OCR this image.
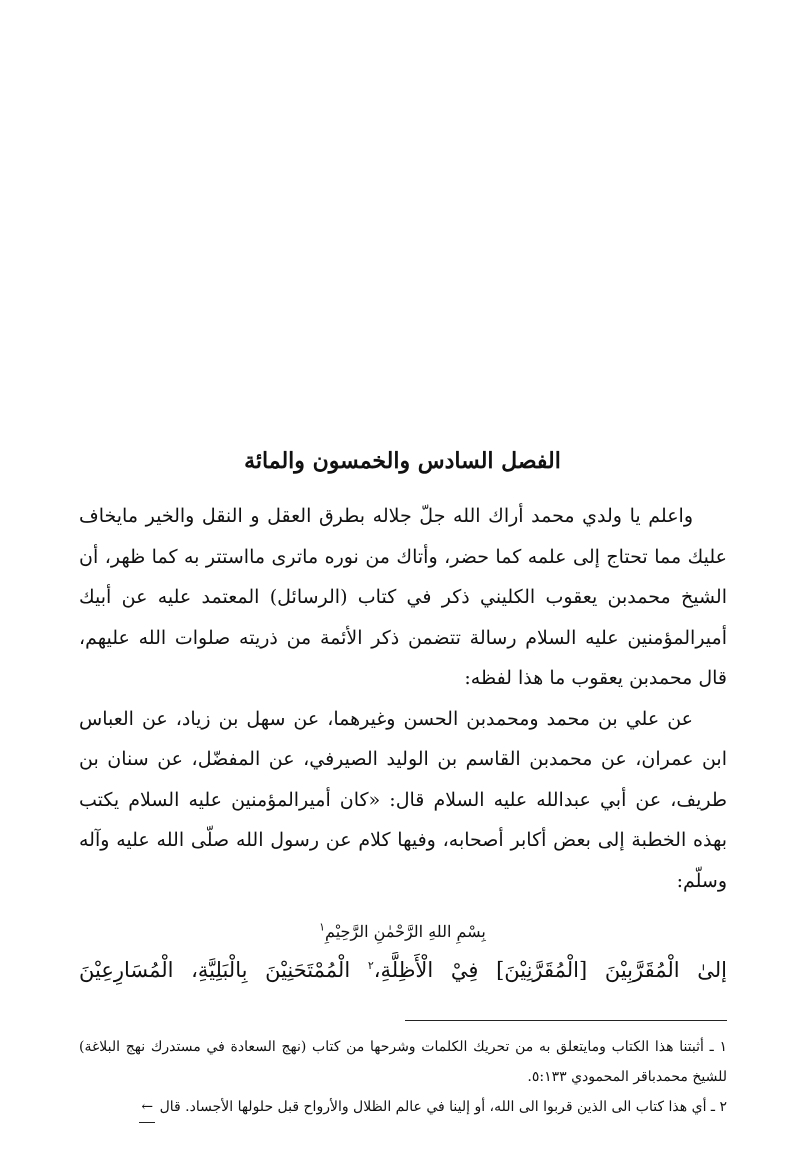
الفصل السادس والخمسون والمائة

واعلم يا ولدي محمد أراك الله جلّ جلاله بطرق العقل و النقل والخير مايخاف عليك مما تحتاج إلى علمه كما حضر، وأتاك من نوره ماترى مااستتر به كما ظهر، أن الشيخ محمدبن يعقوب الكليني ذكر في كتاب (الرسائل) المعتمد عليه عن أبيك أميرالمؤمنين عليه السلام رسالة تتضمن ذكر الأئمة من ذريته صلوات الله عليهم، قال محمدبن يعقوب ما هذا لفظه:

عن علي بن محمد ومحمدبن الحسن وغيرهما، عن سهل بن زياد، عن العباس ابن عمران، عن محمدبن القاسم بن الوليد الصيرفي، عن المفضّل، عن سنان بن طريف، عن أبي عبدالله عليه السلام قال: «كان أميرالمؤمنين عليه السلام يكتب بهذه الخطبة إلى بعض أكابر أصحابه، وفيها كلام عن رسول الله صلّى الله عليه وآله وسلّم:

بِسْمِ اللهِ الرَّحْمٰنِ الرَّحِيْمِ$^١$
إلىٰ الْمُقَرَّبِيْنَ [الْمُقَرَّنِيْنَ] فِيْ الْأَظِلَّةِ،$^٢$ الْمُمْتَحَنِيْنَ بِالْبَلِيَّةِ، الْمُسَارِعِيْنَ

١ ـ أثبتنا هذا الكتاب ومايتعلق به من تحريك الكلمات وشرحها من كتاب (نهج السعادة في مستدرك نهج البلاغة) للشيخ محمدباقر المحمودي ٥:١٣٣.

٢ ـ أي هذا كتاب الى الذين قربوا الى الله، أو إلينا في عالم الظلال والأرواح قبل حلولها الأجساد. قال ←
